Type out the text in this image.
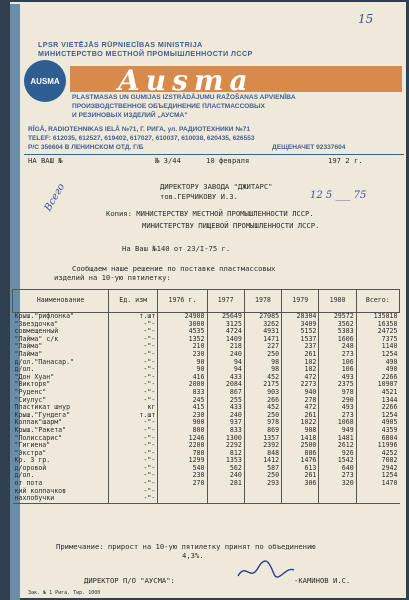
15
LPSR VIETĒJĀS RŪPNIECĪBAS MINISTRIJA
МИНИСТЕРСТВО МЕСТНОЙ ПРОМЫШЛЕННОСТИ ЛССР
AUSMA Ausma
PLASTMASAS UN GUMIJAS IZSTRĀDĀJUMU RAŽOŠANAS APVIENĪBA
ПРОИЗВОДСТВЕННОЕ ОБЪЕДИНЕНИЕ ПЛАСТМАССОВЫХ
И РЕЗИНОВЫХ ИЗДЕЛИЙ „АУСМА"
RĪGĀ, RADIOTEHNIKAS IELĀ №71, Г. РИГА, ул. РАДИОТЕХНИКИ №71
TELEF: 612035, 612527, 619402, 617027, 610037, 610038, 620435, 626553
P/C 356604 В ЛЕНИНСКОМ ОТД. Г/Б	ДЕЩЕНАЧЕТ 92337604
НА ВАШ №	№ 3/44	10 февраля	197 2 г.
Всего	12 5 ___ 75
ДИРЕКТОРУ ЗАВОДА "ДЖИТАРС"
тов.ГЕРЧИКОВУ И.З.
Копия: МИНИСТЕРСТВУ МЕСТНОЙ ПРОМЫШЛЕННОСТИ ЛССР.
МИНИСТЕРСТВУ ПИЩЕВОЙ ПРОМЫШЛЕННОСТИ ЛССР.
На Ваш №140 от 23/I-75 г.
Сообщаем наше решение по поставке пластмассовых
изделий на 10-ую пятилетку:
Наименование	Ед. изм	1976 г.	1977	1978	1979	1980	Всего:
Крыш."рифлонка"	т.шт	24908	25649	27085	28304	29572	135818
"Звездочка"	-"-	3000	3125	3262	3409	3562	16358
совмещенный	-"-	4535	4724	4931	5152	5383	24725
"Лайма" с/к	-"-	1352	1409	1471	1537	1606	7375
"Лайма"	-"-	210	218	227	237	248	1140
"Лайма"	-"-	230	240	250	261	273	1254
д/ол."Панасар."	-"-	90	94	98	102	106	490
д/ол.	-"-	90	94	98	102	106	490
"Дон Хуан"	-"-	416	433	452	472	493	2266
"Викторя"	-"-	2000	2084	2175	2273	2375	10907
"Руденс"	-"-	833	867	903	940	978	4521
"Сиулус"	-"-	245	255	266	278	290	1344
Пластикат шнур	кг	415	433	452	472	493	2266
Крыш."Гундега"	т.шт	230	240	250	261	273	1254
Колпак"шарм"	-"-	900	937	978	1022	1068	4905
Крыш."Ракета"	-"-	800	833	869	908	949	4359
"Полиссарис"	-"-	1246	1300	1357	1418	1481	6804
"Гигиена"	-"-	2200	2292	2392	2500	2612	11996
"Экстра"	-"-	780	812	848	886	926	4252
Кр. 3 гр.	-"-	1299	1353	1412	1476	1542	7082
д/оровой	-"-	540	562	587	613	640	2942
д/ол.	-"-	230	240	250	261	273	1254
от пота	-"-	270	281	293	306	320	1470
кий колпачков	-"-						
нахлобучки	-"-						
Примечание: прирост на 10-ую пятилетку принят по объединению
4,3%.
ДИРЕКТОР П/О "АУСМА":	-КАМИНОВ И.С.
Зак. № 1 Рига. Тир. 1000
